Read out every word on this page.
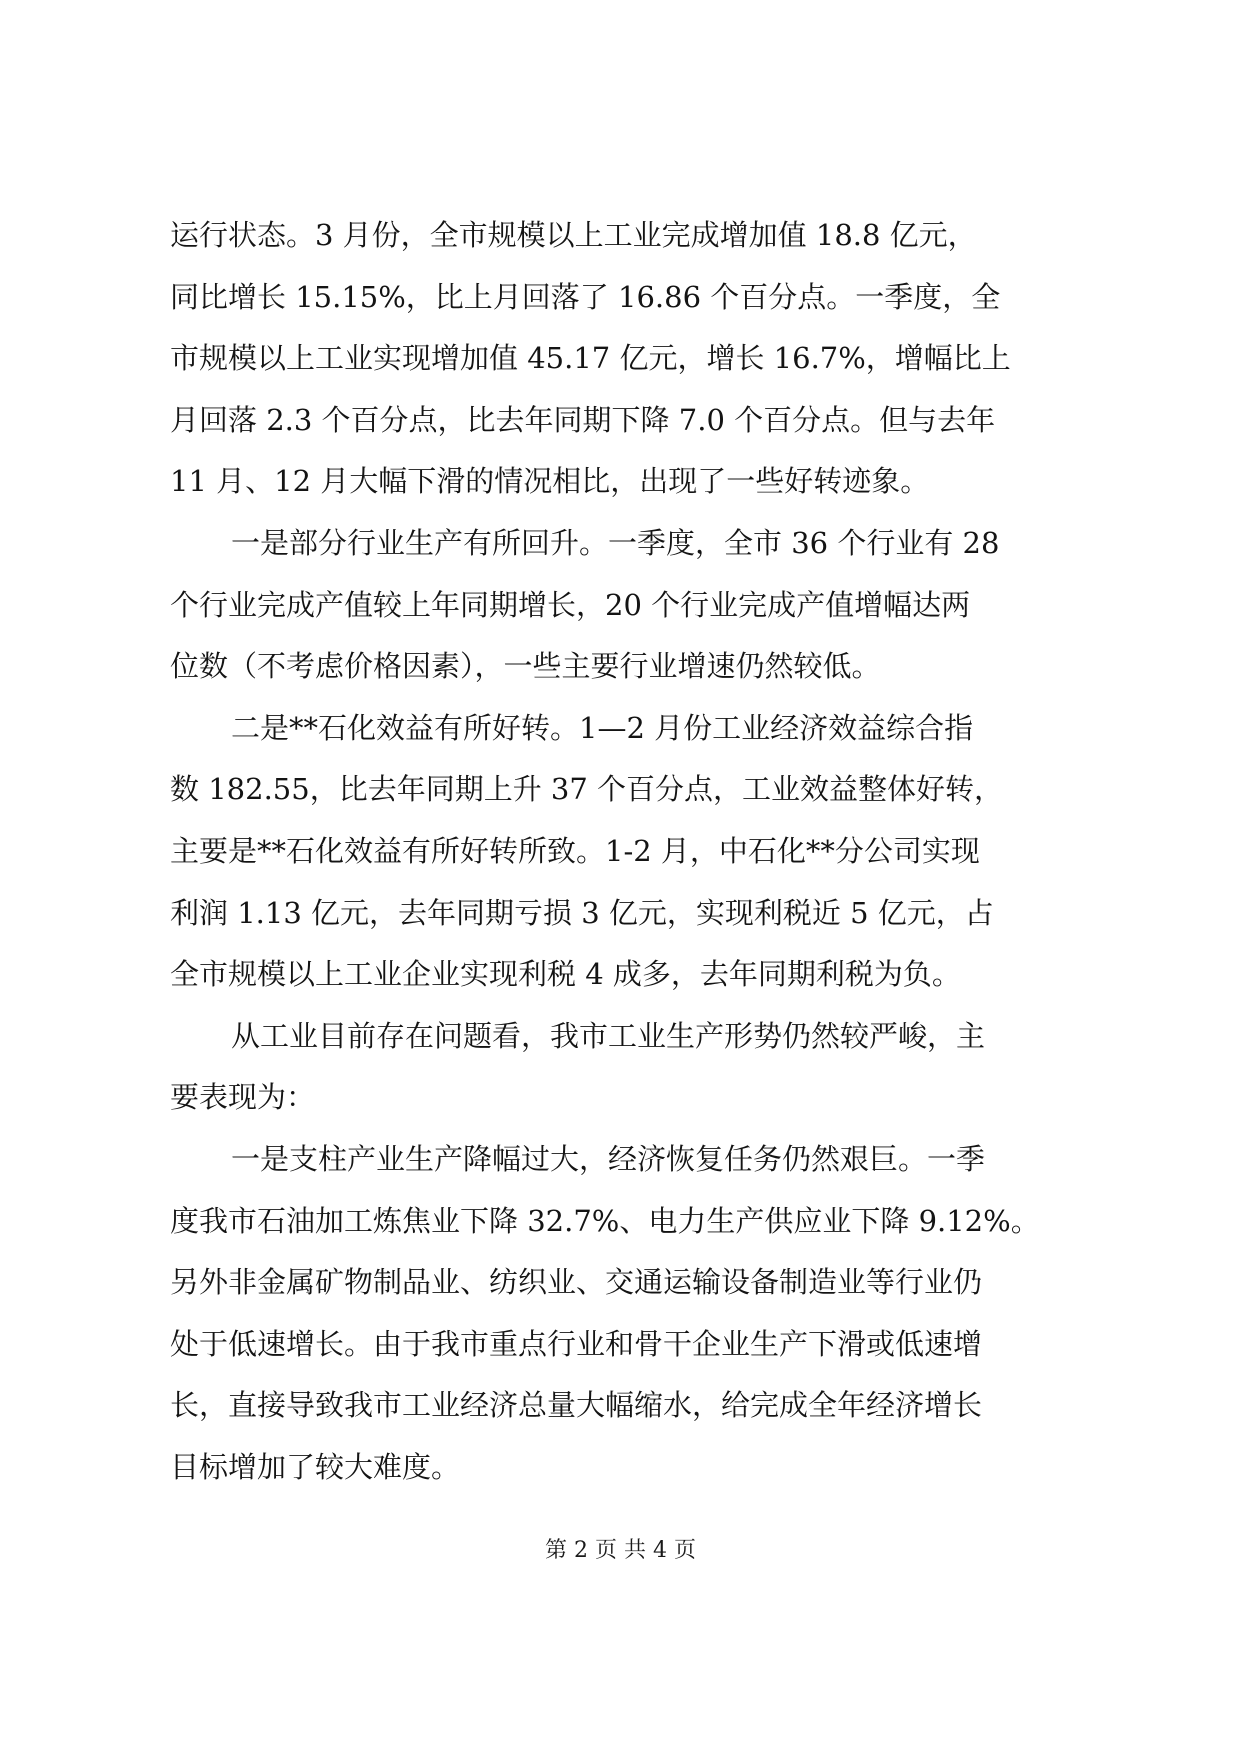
运行状态。3 月份，全市规模以上工业完成增加值 18.8 亿元，
同比增长 15.15%，比上月回落了 16.86 个百分点。一季度，全
市规模以上工业实现增加值 45.17 亿元，增长 16.7%，增幅比上
月回落 2.3 个百分点，比去年同期下降 7.0 个百分点。但与去年
11 月、12 月大幅下滑的情况相比，出现了一些好转迹象。
一是部分行业生产有所回升。一季度，全市 36 个行业有 28
个行业完成产值较上年同期增长，20 个行业完成产值增幅达两
位数（不考虑价格因素），一些主要行业增速仍然较低。
二是**石化效益有所好转。1—2 月份工业经济效益综合指
数 182.55，比去年同期上升 37 个百分点，工业效益整体好转，
主要是**石化效益有所好转所致。1-2 月，中石化**分公司实现
利润 1.13 亿元，去年同期亏损 3 亿元，实现利税近 5 亿元，占
全市规模以上工业企业实现利税 4 成多，去年同期利税为负。
从工业目前存在问题看，我市工业生产形势仍然较严峻，主
要表现为：
一是支柱产业生产降幅过大，经济恢复任务仍然艰巨。一季
度我市石油加工炼焦业下降 32.7%、电力生产供应业下降 9.12%。
另外非金属矿物制品业、纺织业、交通运输设备制造业等行业仍
处于低速增长。由于我市重点行业和骨干企业生产下滑或低速增
长，直接导致我市工业经济总量大幅缩水，给完成全年经济增长
目标增加了较大难度。
第 2 页 共 4 页
